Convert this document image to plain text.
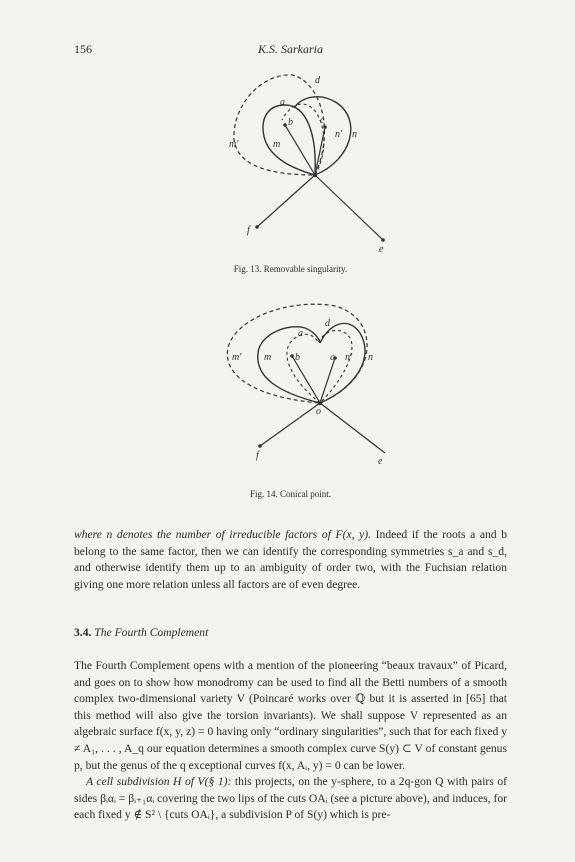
156	K.S. Sarkaria
d
a
b	c
m'	m
n' n
f
e
Fig. 13. Removable singularity.
d
a
b	c
m' m	n' n
o
f
e
Fig. 14. Conical point.

where n denotes the number of irreducible factors of F(x, y). Indeed if the roots a and b belong to the same factor, then we can identify the corresponding symmetries s_a and s_d, and otherwise identify them up to an ambiguity of order two, with the Fuchsian relation giving one more relation unless all factors are of even degree.

3.4. The Fourth Complement

The Fourth Complement opens with a mention of the pioneering “beaux travaux” of Picard, and goes on to show how monodromy can be used to find all the Betti numbers of a smooth complex two-dimensional variety V (Poincaré works over ℚ but it is asserted in [65] that this method will also give the torsion invariants). We shall suppose V represented as an algebraic surface f(x, y, z) = 0 having only “ordinary singularities”, such that for each fixed y ≠ A₁, . . . , A_q our equation determines a smooth complex curve S(y) ⊂ V of constant genus p, but the genus of the q exceptional curves f(x, Aᵢ, y) = 0 can be lower.

A cell subdivision H of V(§ 1): this projects, on the y-sphere, to a 2q-gon Q with pairs of sides βᵢαᵢ = βᵢ₊₁αᵢ covering the two lips of the cuts OAᵢ (see a picture above), and induces, for each fixed y ∉ S² \ {cuts OAᵢ}, a subdivision P of S(y) which is pre-
